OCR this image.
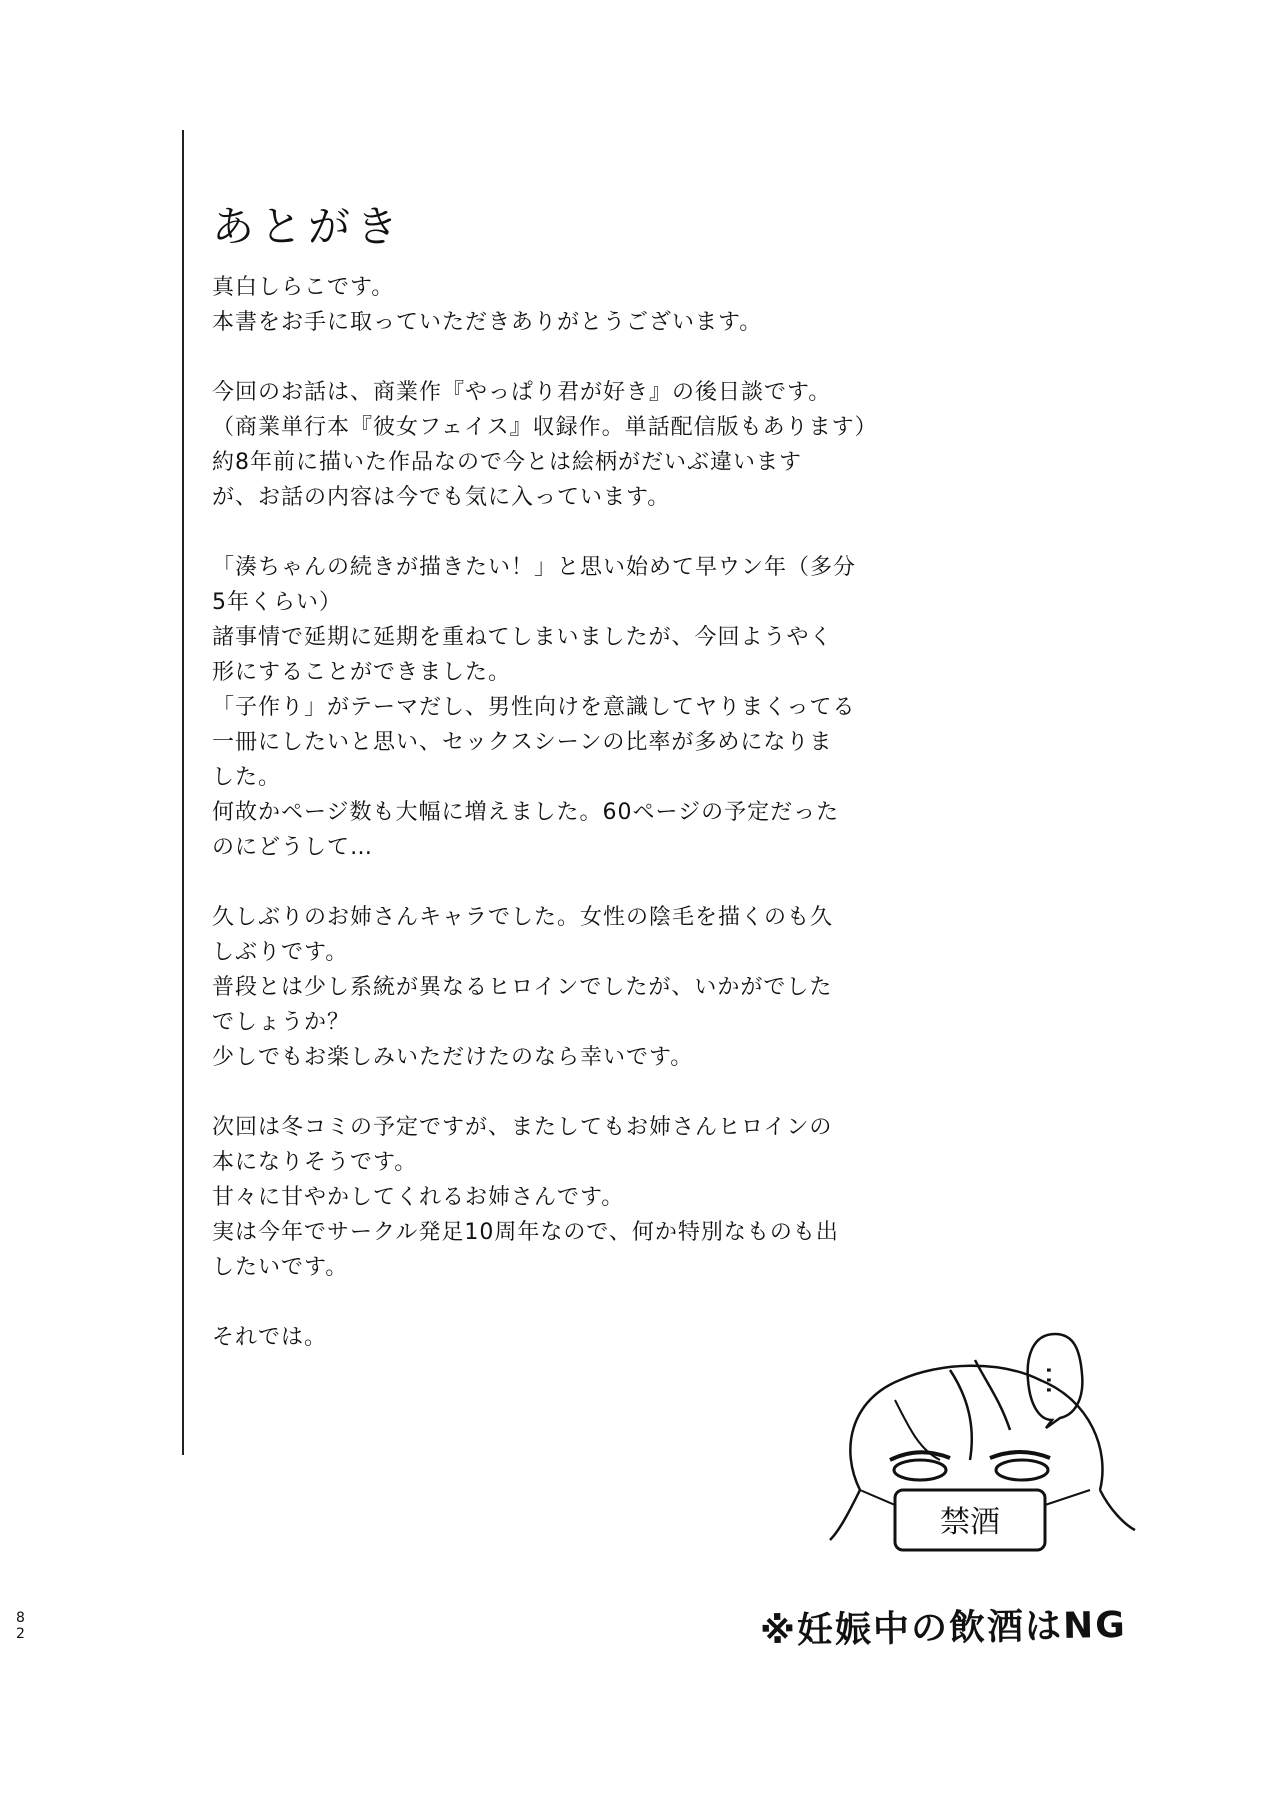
あとがき
真白しらこです。
本書をお手に取っていただきありがとうございます。
今回のお話は、商業作『やっぱり君が好き』の後日談です。
（商業単行本『彼女フェイス』収録作。単話配信版もあります）
約8年前に描いた作品なので今とは絵柄がだいぶ違います
が、お話の内容は今でも気に入っています。
「湊ちゃんの続きが描きたい！」と思い始めて早ウン年（多分
5年くらい）
諸事情で延期に延期を重ねてしまいましたが、今回ようやく
形にすることができました。
「子作り」がテーマだし、男性向けを意識してヤりまくってる
一冊にしたいと思い、セックスシーンの比率が多めになりま
した。
何故かページ数も大幅に増えました。60ページの予定だった
のにどうして…
久しぶりのお姉さんキャラでした。女性の陰毛を描くのも久
しぶりです。
普段とは少し系統が異なるヒロインでしたが、いかがでした
でしょうか？
少しでもお楽しみいただけたのなら幸いです。
次回は冬コミの予定ですが、またしてもお姉さんヒロインの
本になりそうです。
甘々に甘やかしてくれるお姉さんです。
実は今年でサークル発足10周年なので、何か特別なものも出
したいです。
それでは。
…
禁酒
※妊娠中の飲酒はNG
82
